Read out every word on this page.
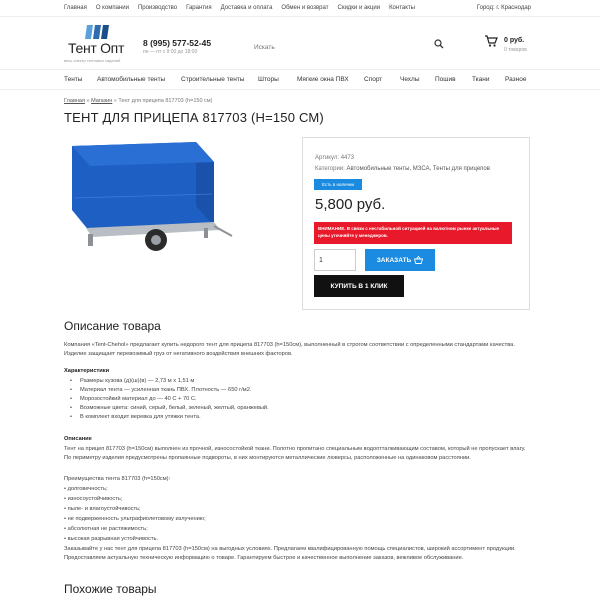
Главная О компании Производство Гарантия Доставка и оплата Обмен и возврат Скидки и акции Контакты	Город: г. Краснодар
Тент Опт
весь спектр тентовых изделий
8 (995) 577-52-45
пн — пт с 9:00 до 18:00
Искать
0 руб.
0 товаров
Тенты Автомобильные тенты Строительные тенты Шторы	Мягкие окна ПВХ Спорт	Чехлы Пошив	Ткани Разное
Главная » Магазин » Тент для прицепа 817703 (h=150 см)
ТЕНТ ДЛЯ ПРИЦЕПА 817703 (Н=150 СМ)
Артикул: 4473
Категории: Автомобильные тенты, МЗСА, Тенты для прицепов
Есть в наличии
5,800 руб.
ВНИМАНИЕ. В связи с нестабильной ситуацией на валютном рынке актуальные цены уточняйте у менеджеров.
1
ЗАКАЗАТЬ
КУПИТЬ В 1 КЛИК
Описание товара
Компания «Tent-Chehol» предлагает купить недорого тент для прицепа 817703 (h=150см), выполненный в строгом соответствии с определенными стандартами качества. Изделие защищает перевозимый груз от негативного воздействия внешних факторов.
Характеристики
• Размеры кузова (д)(ш)(в) — 2,73 м х 1,51 м
• Материал тента — усиленная ткань ПВХ. Плотность — 650 г/м2.
• Морозостойкий материал до — 40 С + 70 С.
• Возможные цвета: синий, серый, белый, зеленый, желтый, оранжевый.
• В комплект входит веревка для утяжки тента.
Описание
Тент на прицеп 817703 (h=150см) выполнен из прочной, износостойкой ткани. Полотно пропитано специальным водоотталкивающим составом, который не пропускает влагу. По периметру изделия предусмотрены пропаянные подвороты, в них монтируются металлические люверсы, расположенные на одинаковом расстоянии.
Преимущества тента 817703 (h=150см):
• долговечность;
• износоустойчивость;
• пыле- и влагоустойчивость;
• не подверженность ультрафиолетовому излучению;
• абсолютная не растяжимость;
• высокая разрывная устойчивость.
Заказывайте у нас тент для прицепа 817703 (h=150см) на выгодных условиях. Предлагаем квалифицированную помощь специалистов, широкий ассортимент продукции. Предоставляем актуальную техническую информацию о товаре. Гарантируем быстрое и качественное выполнение заказов, вежливое обслуживание.
Похожие товары
